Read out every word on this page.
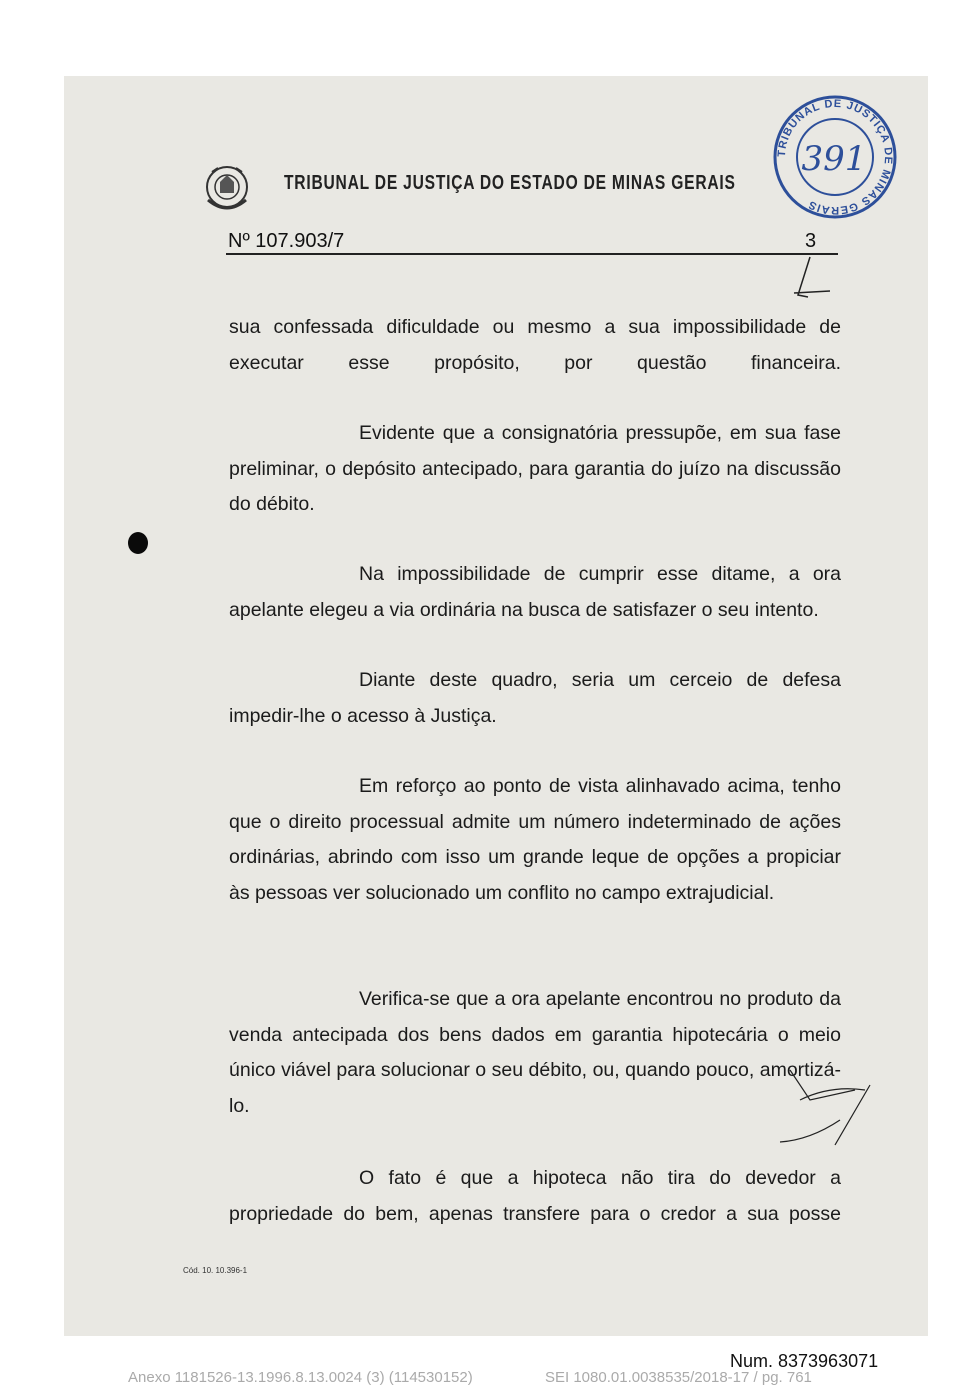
TRIBUNAL DE JUSTIÇA DO ESTADO DE MINAS GERAIS
Nº 107.903/7	3
TRIBUNAL DE JUSTIÇA DE MINAS GERAIS
391

sua confessada dificuldade ou mesmo a sua impossibilidade de executar esse propósito, por questão financeira.

Evidente que a consignatória pressupõe, em sua fase preliminar, o depósito antecipado, para garantia do juízo na discussão do débito.

Na impossibilidade de cumprir esse ditame, a ora apelante elegeu a via ordinária na busca de satisfazer o seu intento.

Diante deste quadro, seria um cerceio de defesa impedir-lhe o acesso à Justiça.

Em reforço ao ponto de vista alinhavado acima, tenho que o direito processual admite um número indeterminado de ações ordinárias, abrindo com isso um grande leque de opções a propiciar às pessoas ver solucionado um conflito no campo extrajudicial.

Verifica-se que a ora apelante encontrou no produto da venda antecipada dos bens dados em garantia hipotecária o meio único viável para solucionar o seu débito, ou, quando pouco, amortizá-lo.

O fato é que a hipoteca não tira do devedor a propriedade do bem, apenas transfere para o credor a sua posse

Cód. 10. 10.396-1
Num. 8373963071
Anexo 1181526-13.1996.8.13.0024 (3) (114530152)	SEI 1080.01.0038535/2018-17 / pg. 761
